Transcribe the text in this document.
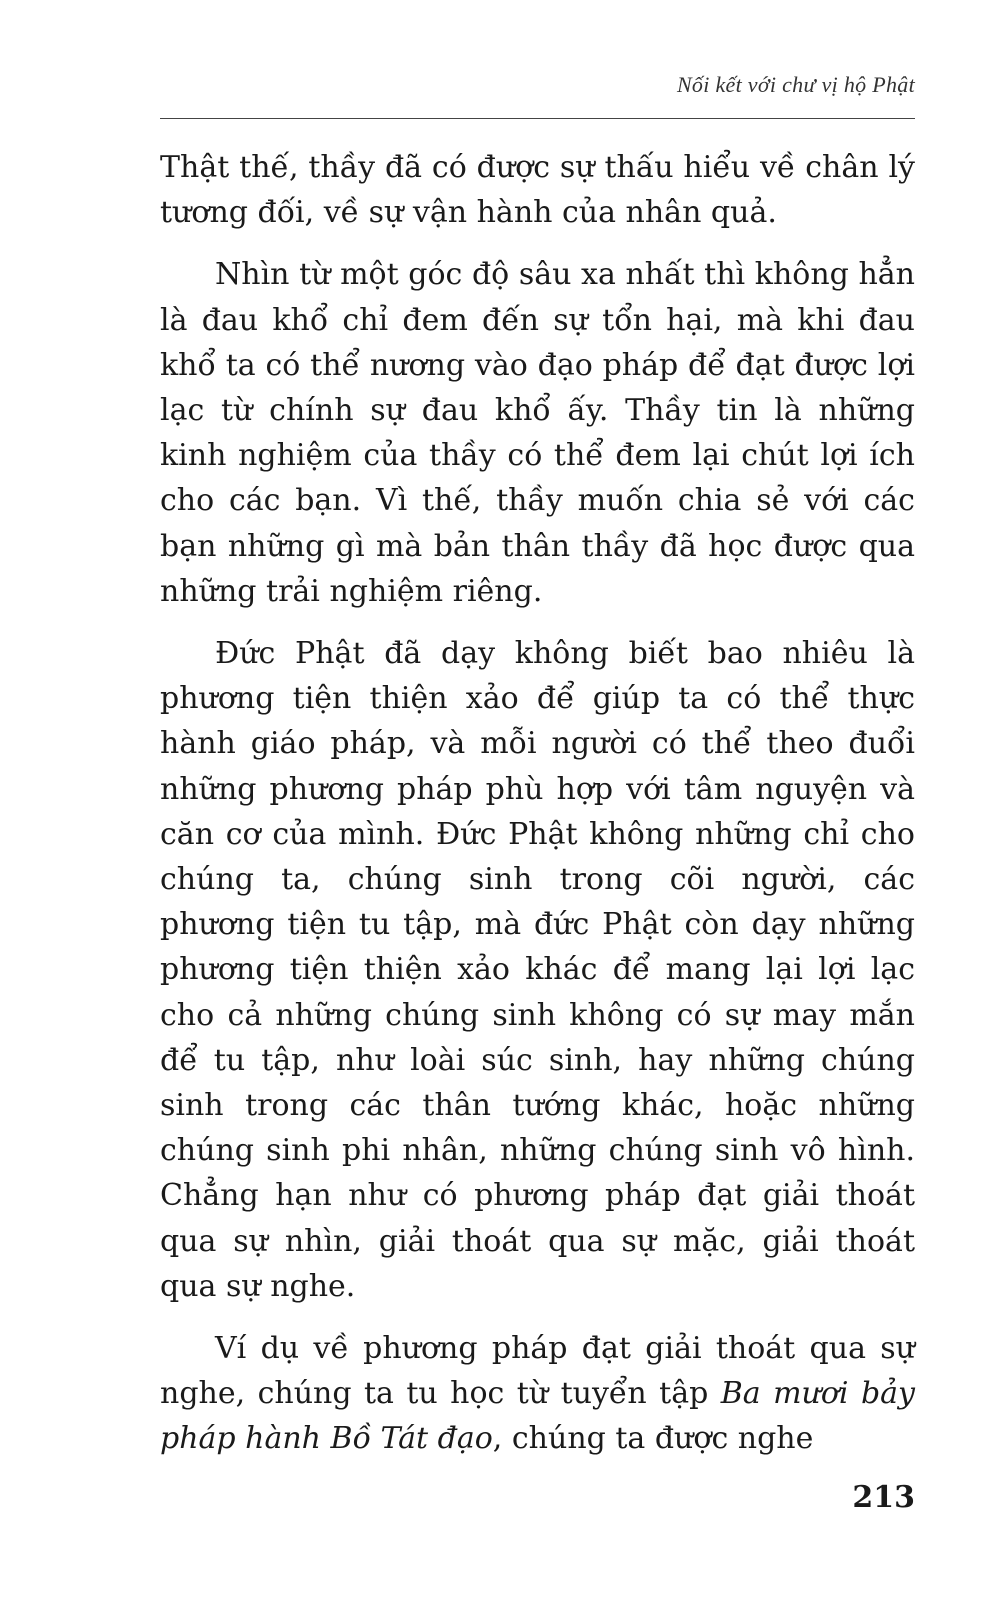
Nối kết với chư vị hộ Phật

Thật thế, thầy đã có được sự thấu hiểu về chân lý tương đối, về sự vận hành của nhân quả.

Nhìn từ một góc độ sâu xa nhất thì không hẳn là đau khổ chỉ đem đến sự tổn hại, mà khi đau khổ ta có thể nương vào đạo pháp để đạt được lợi lạc từ chính sự đau khổ ấy. Thầy tin là những kinh nghiệm của thầy có thể đem lại chút lợi ích cho các bạn. Vì thế, thầy muốn chia sẻ với các bạn những gì mà bản thân thầy đã học được qua những trải nghiệm riêng.

Đức Phật đã dạy không biết bao nhiêu là phương tiện thiện xảo để giúp ta có thể thực hành giáo pháp, và mỗi người có thể theo đuổi những phương pháp phù hợp với tâm nguyện và căn cơ của mình. Đức Phật không những chỉ cho chúng ta, chúng sinh trong cõi người, các phương tiện tu tập, mà đức Phật còn dạy những phương tiện thiện xảo khác để mang lại lợi lạc cho cả những chúng sinh không có sự may mắn để tu tập, như loài súc sinh, hay những chúng sinh trong các thân tướng khác, hoặc những chúng sinh phi nhân, những chúng sinh vô hình. Chẳng hạn như có phương pháp đạt giải thoát qua sự nhìn, giải thoát qua sự mặc, giải thoát qua sự nghe.

Ví dụ về phương pháp đạt giải thoát qua sự nghe, chúng ta tu học từ tuyển tập Ba mươi bảy pháp hành Bồ Tát đạo, chúng ta được nghe

213
